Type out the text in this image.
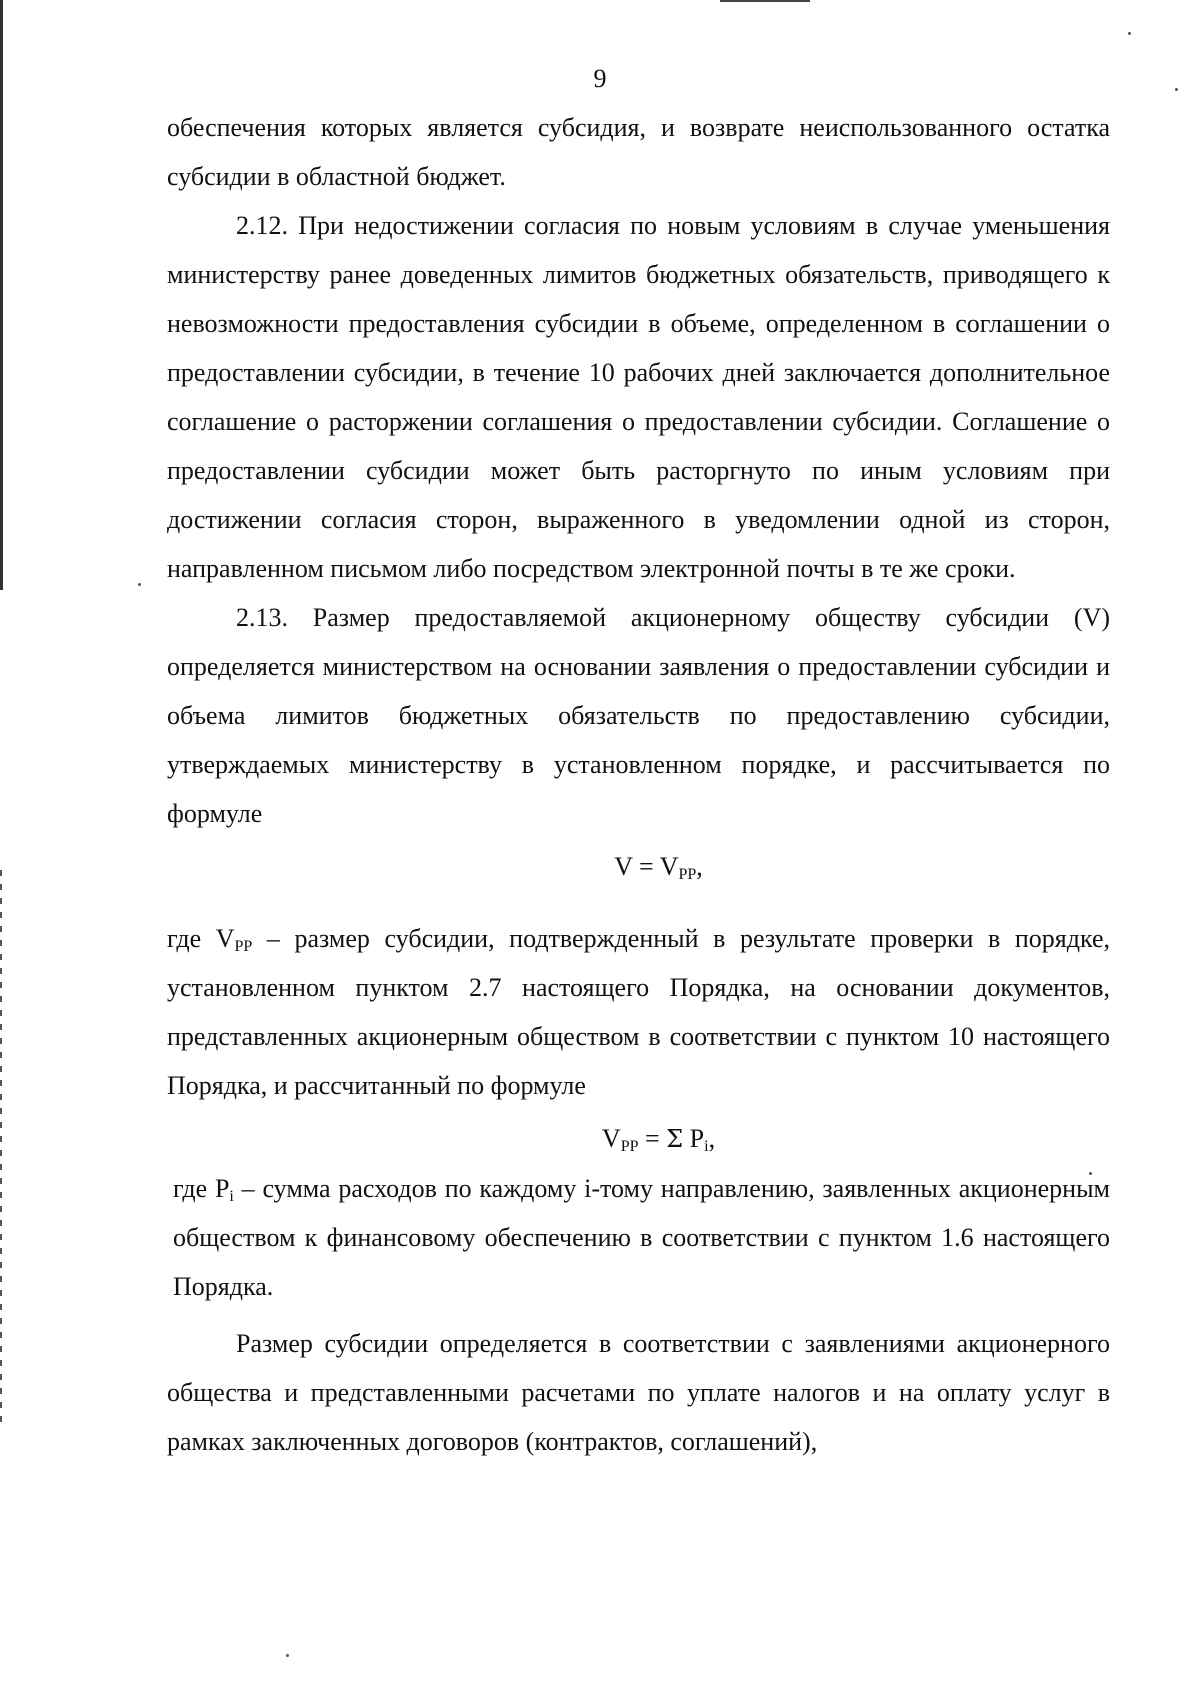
9

обеспечения которых является субсидия, и возврате неиспользованного остатка субсидии в областной бюджет.

2.12. При недостижении согласия по новым условиям в случае уменьшения министерству ранее доведенных лимитов бюджетных обязательств, приводящего к невозможности предоставления субсидии в объеме, определенном в соглашении о предоставлении субсидии, в течение 10 рабочих дней заключается дополнительное соглашение о расторжении соглашения о предоставлении субсидии. Соглашение о предоставлении субсидии может быть расторгнуто по иным условиям при достижении согласия сторон, выраженного в уведомлении одной из сторон, направленном письмом либо посредством электронной почты в те же сроки.

2.13. Размер предоставляемой акционерному обществу субсидии (V) определяется министерством на основании заявления о предоставлении субсидии и объема лимитов бюджетных обязательств по предоставлению субсидии, утверждаемых министерству в установленном порядке, и рассчитывается по формуле

$V = V_{PP}$,

где $V_{PP}$ – размер субсидии, подтвержденный в результате проверки в порядке, установленном пунктом 2.7 настоящего Порядка, на основании документов, представленных акционерным обществом в соответствии с пунктом 10 настоящего Порядка, и рассчитанный по формуле

$V_{PP} = \Sigma$ $P_i$,

где $P_i$ – сумма расходов по каждому i-тому направлению, заявленных акционерным обществом к финансовому обеспечению в соответствии с пунктом 1.6 настоящего Порядка.

Размер субсидии определяется в соответствии с заявлениями акционерного общества и представленными расчетами по уплате налогов и на оплату услуг в рамках заключенных договоров (контрактов, соглашений),
